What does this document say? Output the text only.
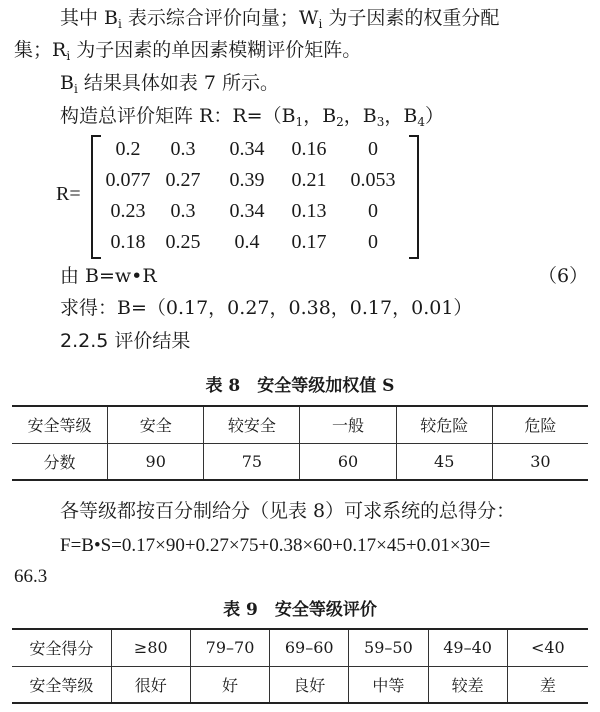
其中 $B_i$ 表示综合评价向量；$W_i$ 为子因素的权重分配
集；$R_i$ 为子因素的单因素模糊评价矩阵。
$B_i$ 结果具体如表 7 所示。
构造总评价矩阵 R：$R=(B_1$，$B_2$，$B_3$，$B_4$）
R=
0.2	0.3	0.34	0.16	0
0.077	0.27	0.39	0.21	0.053
0.23	0.3	0.34	0.13	0
0.18	0.25	0.4	0.17	0
由 B=w•R	（6）
求得：B=（0.17，0.27，0.38，0.17，0.01）
2.2.5 评价结果
表 8　安全等级加权值 S
安全等级	安全	较安全	一般	较危险	危险
分数	90	75	60	45	30
各等级都按百分制给分（见表 8）可求系统的总得分：
F=B•S=0.17×90+0.27×75+0.38×60+0.17×45+0.01×30=
66.3
表 9　安全等级评价
安全得分	≥80	79–70	69–60	59–50	49–40	<40
安全等级	很好	好	良好	中等	较差	差
